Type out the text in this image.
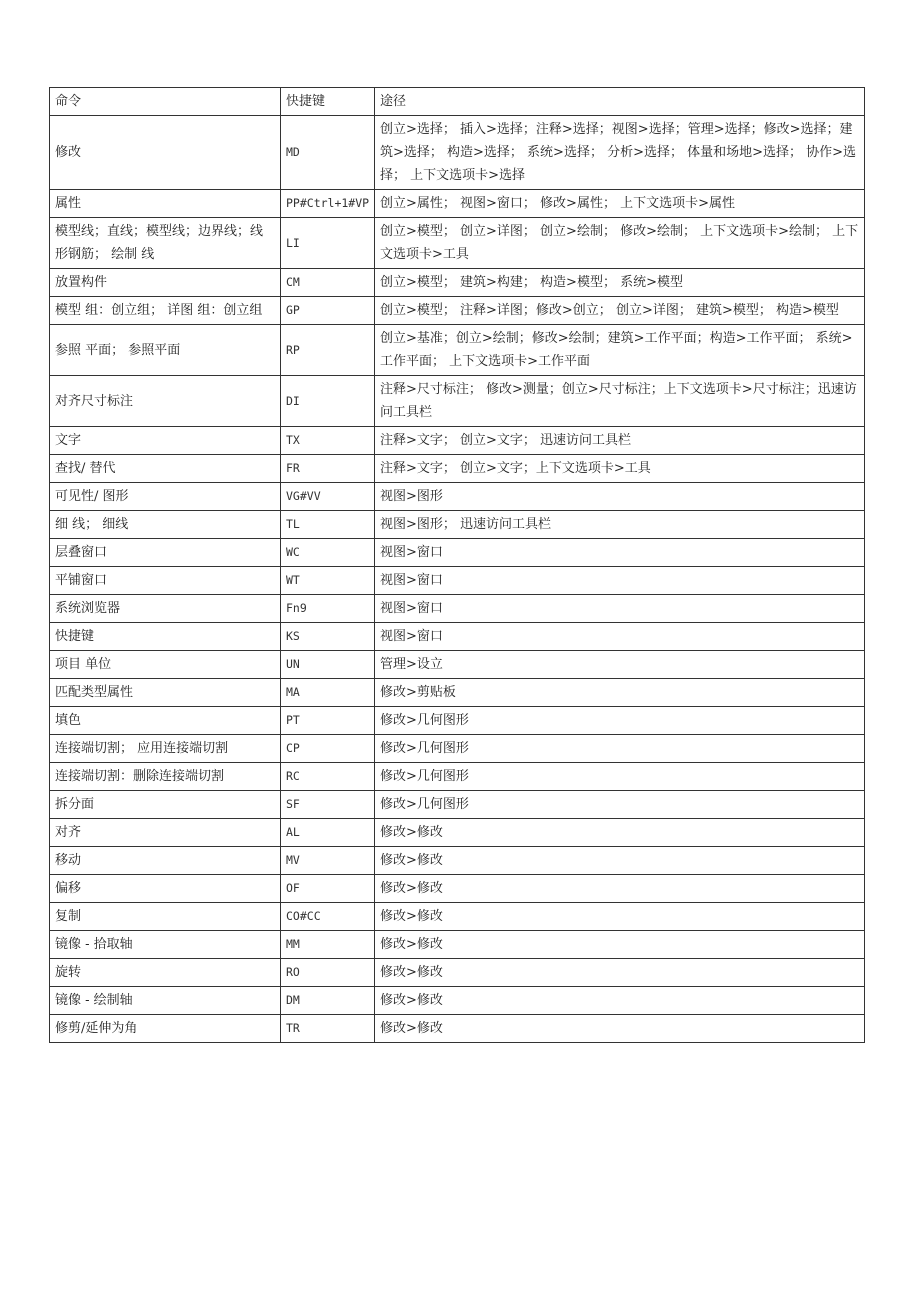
命令	快捷键	途径
修改	MD	创立>选择； 插入>选择；注释>选择；视图>选择；管理>选择；修改>选择；建筑>选择； 构造>选择； 系统>选择； 分析>选择； 体量和场地>选择； 协作>选择； 上下文选项卡>选择
属性	PP#Ctrl+1#VP	创立>属性； 视图>窗口； 修改>属性； 上下文选项卡>属性
模型线；直线；模型线；边界线；线形钢筋； 绘制 线	LI	创立>模型； 创立>详图； 创立>绘制； 修改>绘制； 上下文选项卡>绘制； 上下文选项卡>工具
放置构件	CM	创立>模型； 建筑>构建； 构造>模型； 系统>模型
模型 组：创立组； 详图 组：创立组	GP	创立>模型； 注释>详图；修改>创立； 创立>详图； 建筑>模型； 构造>模型
参照 平面； 参照平面	RP	创立>基准；创立>绘制；修改>绘制；建筑>工作平面；构造>工作平面； 系统>工作平面； 上下文选项卡>工作平面
对齐尺寸标注	DI	注释>尺寸标注； 修改>测量；创立>尺寸标注；上下文选项卡>尺寸标注；迅速访问工具栏
文字	TX	注释>文字； 创立>文字； 迅速访问工具栏
查找/ 替代	FR	注释>文字； 创立>文字；上下文选项卡>工具
可见性/ 图形	VG#VV	视图>图形
细 线； 细线	TL	视图>图形； 迅速访问工具栏
层叠窗口	WC	视图>窗口
平铺窗口	WT	视图>窗口
系统浏览器	Fn9	视图>窗口
快捷键	KS	视图>窗口
项目 单位	UN	管理>设立
匹配类型属性	MA	修改>剪贴板
填色	PT	修改>几何图形
连接端切割； 应用连接端切割	CP	修改>几何图形
连接端切割：删除连接端切割	RC	修改>几何图形
拆分面	SF	修改>几何图形
对齐	AL	修改>修改
移动	MV	修改>修改
偏移	OF	修改>修改
复制	CO#CC	修改>修改
镜像 - 拾取轴	MM	修改>修改
旋转	RO	修改>修改
镜像 - 绘制轴	DM	修改>修改
修剪/延伸为角	TR	修改>修改
